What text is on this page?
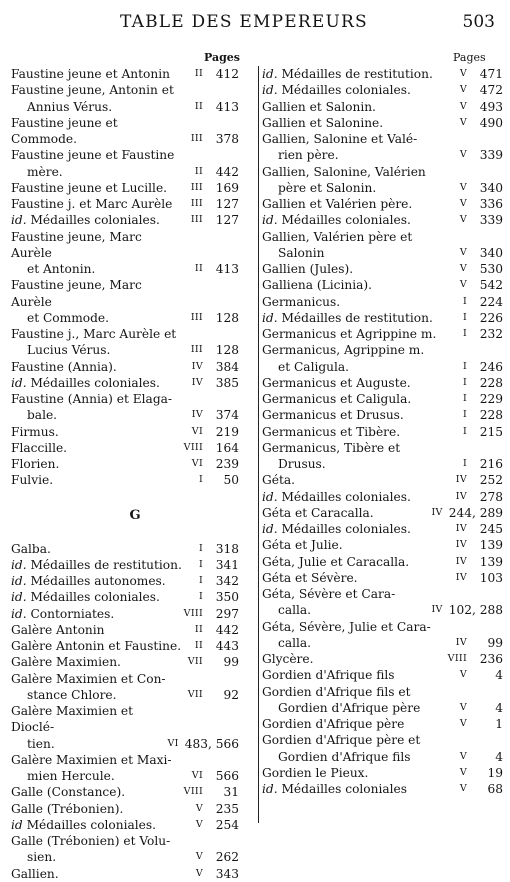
TABLE DES EMPEREURS	503
Pages	Pages
Faustine jeune et Antonin	II	412
Faustine jeune, Antonin et
Annius Vérus.	II	413
Faustine jeune et Commode.	III	378
Faustine jeune et Faustine
mère.	II	442
Faustine jeune et Lucille.	III	169
Faustine j. et Marc Aurèle	III	127
id. Médailles coloniales.	III	127
Faustine jeune, Marc Aurèle
et Antonin.	II	413
Faustine jeune, Marc Aurèle
et Commode.	III	128
Faustine j., Marc Aurèle et
Lucius Vérus.	III	128
Faustine (Annia).	IV	384
id. Médailles coloniales.	IV	385
Faustine (Annia) et Elaga-
bale.	IV	374
Firmus.	VI	219
Flaccille.	VIII	164
Florien.	VI	239
Fulvie.	I	50
G
Galba.	I	318
id. Médailles de restitution.	I	341
id. Médailles autonomes.	I	342
id. Médailles coloniales.	I	350
id. Contorniates.	VIII	297
Galère Antonin	II	442
Galère Antonin et Faustine.	II	443
Galère Maximien.	VII	99
Galère Maximien et Con-
stance Chlore.	VII	92
Galère Maximien et Dioclé-
tien.	VI 483, 566
Galère Maximien et Maxi-
mien Hercule.	VI	566
Galle (Constance).	VIII	31
Galle (Trébonien).	V	235
id Médailles coloniales.	V	254
Galle (Trébonien) et Volu-
sien.	V	262
Gallien.	V	343
id. Médailles de restitution.	V	471
id. Médailles coloniales.	V	472
Gallien et Salonin.	V	493
Gallien et Salonine.	V	490
Gallien, Salonine et Valé-
rien père.	V	339
Gallien, Salonine, Valérien
père et Salonin.	V	340
Gallien et Valérien père.	V	336
id. Médailles coloniales.	V	339
Gallien, Valérien père et
Salonin	V	340
Gallien (Jules).	V	530
Galliena (Licinia).	V	542
Germanicus.	I	224
id. Médailles de restitution.	I	226
Germanicus et Agrippine m.	I	232
Germanicus, Agrippine m.
et Caligula.	I	246
Germanicus et Auguste.	I	228
Germanicus et Caligula.	I	229
Germanicus et Drusus.	I	228
Germanicus et Tibère.	I	215
Germanicus, Tibère et
Drusus.	I	216
Géta.	IV	252
id. Médailles coloniales.	IV	278
Géta et Caracalla.	IV 244, 289
id. Médailles coloniales.	IV	245
Géta et Julie.	IV	139
Géta, Julie et Caracalla.	IV	139
Géta et Sévère.	IV	103
Géta, Sévère et Cara-
calla.	IV 102, 288
Géta, Sévère, Julie et Cara-
calla.	IV	99
Glycère.	VIII	236
Gordien d'Afrique fils	V	4
Gordien d'Afrique fils et
Gordien d'Afrique père	V	4
Gordien d'Afrique père	V	1
Gordien d'Afrique père et
Gordien d'Afrique fils	V	4
Gordien le Pieux.	V	19
id. Médailles coloniales	V	68
